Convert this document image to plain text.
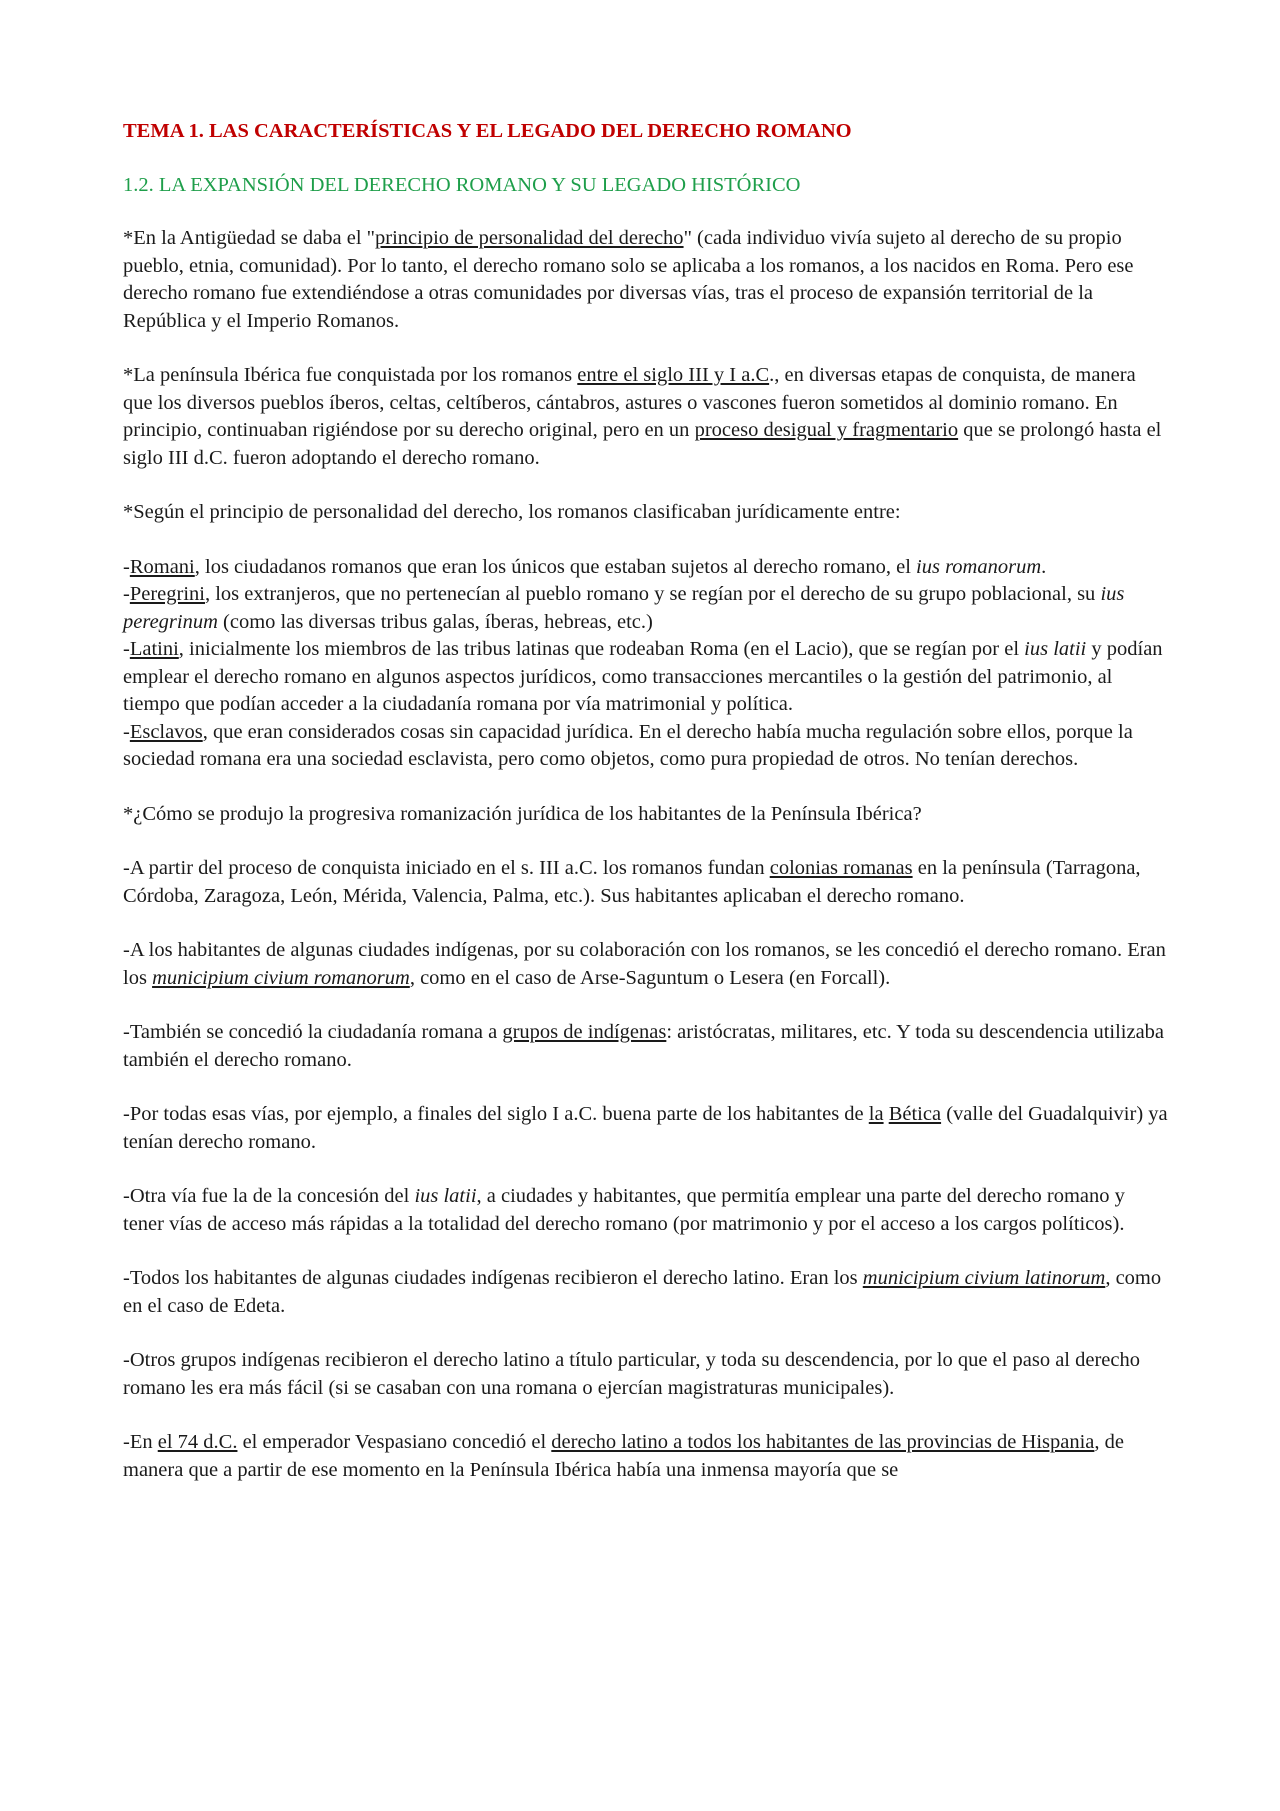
TEMA 1. LAS CARACTERÍSTICAS Y EL LEGADO DEL DERECHO ROMANO
1.2. LA EXPANSIÓN DEL DERECHO ROMANO Y SU LEGADO HISTÓRICO

*En la Antigüedad se daba el "principio de personalidad del derecho" (cada individuo vivía sujeto al derecho de su propio pueblo, etnia, comunidad). Por lo tanto, el derecho romano solo se aplicaba a los romanos, a los nacidos en Roma. Pero ese derecho romano fue extendiéndose a otras comunidades por diversas vías, tras el proceso de expansión territorial de la República y el Imperio Romanos.

*La península Ibérica fue conquistada por los romanos entre el siglo III y I a.C., en diversas etapas de conquista, de manera que los diversos pueblos íberos, celtas, celtíberos, cántabros, astures o vascones fueron sometidos al dominio romano. En principio, continuaban rigiéndose por su derecho original, pero en un proceso desigual y fragmentario que se prolongó hasta el siglo III d.C. fueron adoptando el derecho romano.

*Según el principio de personalidad del derecho, los romanos clasificaban jurídicamente entre:

-Romani, los ciudadanos romanos que eran los únicos que estaban sujetos al derecho romano, el ius romanorum.

-Peregrini, los extranjeros, que no pertenecían al pueblo romano y se regían por el derecho de su grupo poblacional, su ius peregrinum (como las diversas tribus galas, íberas, hebreas, etc.)

-Latini, inicialmente los miembros de las tribus latinas que rodeaban Roma (en el Lacio), que se regían por el ius latii y podían emplear el derecho romano en algunos aspectos jurídicos, como transacciones mercantiles o la gestión del patrimonio, al tiempo que podían acceder a la ciudadanía romana por vía matrimonial y política.

-Esclavos, que eran considerados cosas sin capacidad jurídica. En el derecho había mucha regulación sobre ellos, porque la sociedad romana era una sociedad esclavista, pero como objetos, como pura propiedad de otros. No tenían derechos.

*¿Cómo se produjo la progresiva romanización jurídica de los habitantes de la Península Ibérica?

-A partir del proceso de conquista iniciado en el s. III a.C. los romanos fundan colonias romanas en la península (Tarragona, Córdoba, Zaragoza, León, Mérida, Valencia, Palma, etc.). Sus habitantes aplicaban el derecho romano.

-A los habitantes de algunas ciudades indígenas, por su colaboración con los romanos, se les concedió el derecho romano. Eran los municipium civium romanorum, como en el caso de Arse-Saguntum o Lesera (en Forcall).

-También se concedió la ciudadanía romana a grupos de indígenas: aristócratas, militares, etc. Y toda su descendencia utilizaba también el derecho romano.

-Por todas esas vías, por ejemplo, a finales del siglo I a.C. buena parte de los habitantes de la Bética (valle del Guadalquivir) ya tenían derecho romano.

-Otra vía fue la de la concesión del ius latii, a ciudades y habitantes, que permitía emplear una parte del derecho romano y tener vías de acceso más rápidas a la totalidad del derecho romano (por matrimonio y por el acceso a los cargos políticos).

-Todos los habitantes de algunas ciudades indígenas recibieron el derecho latino. Eran los municipium civium latinorum, como en el caso de Edeta.

-Otros grupos indígenas recibieron el derecho latino a título particular, y toda su descendencia, por lo que el paso al derecho romano les era más fácil (si se casaban con una romana o ejercían magistraturas municipales).

-En el 74 d.C. el emperador Vespasiano concedió el derecho latino a todos los habitantes de las provincias de Hispania, de manera que a partir de ese momento en la Península Ibérica había una inmensa mayoría que se
